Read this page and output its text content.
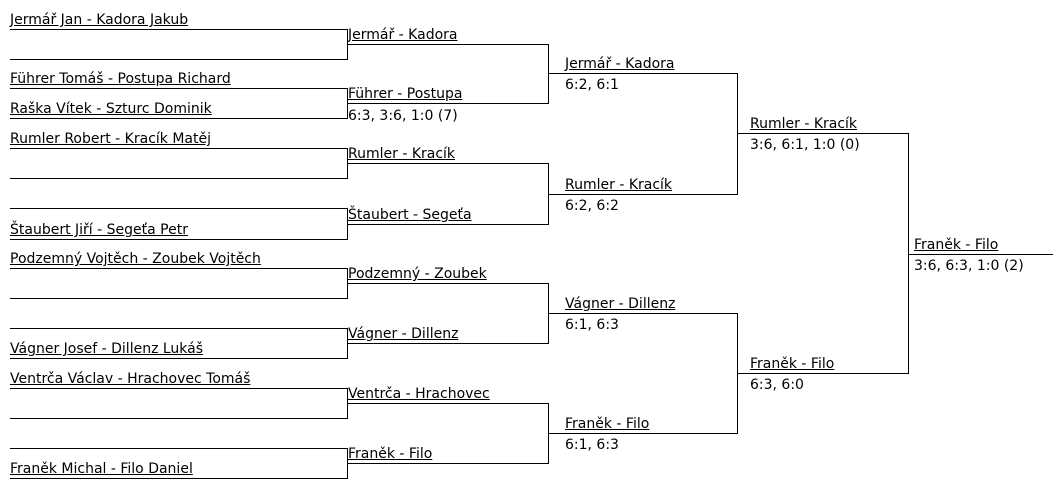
Jermář Jan - Kadora Jakub
Führer Tomáš - Postupa Richard
Raška Vítek - Szturc Dominik
Rumler Robert - Kracík Matěj
Štaubert Jiří - Segeťa Petr
Podzemný Vojtěch - Zoubek Vojtěch
Vágner Josef - Dillenz Lukáš
Ventrča Václav - Hrachovec Tomáš
Franěk Michal - Filo Daniel
Jermář - Kadora
Führer - Postupa
6:3, 3:6, 1:0 (7)
Rumler - Kracík
Štaubert - Segeťa
Podzemný - Zoubek
Vágner - Dillenz
Ventrča - Hrachovec
Franěk - Filo
Jermář - Kadora
6:2, 6:1
Rumler - Kracík
6:2, 6:2
Vágner - Dillenz
6:1, 6:3
Franěk - Filo
6:1, 6:3
Rumler - Kracík
3:6, 6:1, 1:0 (0)
Franěk - Filo
6:3, 6:0
Franěk - Filo
3:6, 6:3, 1:0 (2)
